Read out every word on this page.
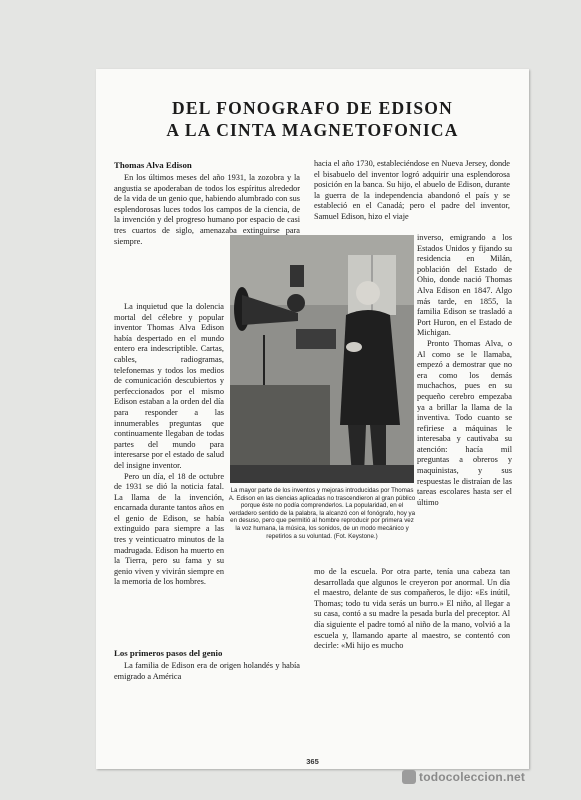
DEL FONOGRAFO DE EDISON
A LA CINTA MAGNETOFONICA
Thomas Alva Edison

En los últimos meses del año 1931, la zozobra y la angustia se apoderaban de todos los espíritus alrededor de la vida de un genio que, habiendo alumbrado con sus esplendorosas luces todos los campos de la ciencia, de la invención y del progreso humano por espacio de casi tres cuartos de siglo, amenazaba extinguirse para siempre.

La inquietud que la dolencia mortal del célebre y popular inventor Thomas Alva Edison había despertado en el mundo entero era indescriptible. Cartas, cables, radiogramas, telefonemas y todos los medios de comunicación descubiertos y perfeccionados por el mismo Edison estaban a la orden del día para responder a las innumerables preguntas que continuamente llegaban de todas partes del mundo para interesarse por el estado de salud del insigne inventor.

Pero un día, el 18 de octubre de 1931 se dió la noticia fatal. La llama de la invención, encarnada durante tantos años en el genio de Edison, se había extinguido para siempre a las tres y veinticuatro minutos de la madrugada. Edison ha muerto en la Tierra, pero su fama y su genio viven y vivirán siempre en la memoria de los hombres.

Los primeros pasos del genio

La familia de Edison era de origen holandés y había emigrado a América

hacia el año 1730, estableciéndose en Nueva Jersey, donde el bisabuelo del inventor logró adquirir una esplendorosa posición en la banca. Su hijo, el abuelo de Edison, durante la guerra de la independencia abandonó el país y se estableció en el Canadá; pero el padre del inventor, Samuel Edison, hizo el viaje

inverso, emigrando a los Estados Unidos y fijando su residencia en Milán, población del Estado de Ohio, donde nació Thomas Alva Edison en 1847. Algo más tarde, en 1855, la familia Edison se trasladó a Port Huron, en el Estado de Michigan.

Pronto Thomas Alva, o Al como se le llamaba, empezó a demostrar que no era como los demás muchachos, pues en su pequeño cerebro empezaba ya a brillar la llama de la inventiva. Todo cuanto se refiriese a máquinas le interesaba y cautivaba su atención: hacía mil preguntas a obreros y maquinistas, y sus respuestas le distraían de las tareas escolares hasta ser el último

mo de la escuela. Por otra parte, tenía una cabeza tan desarrollada que algunos le creyeron por anormal. Un día el maestro, delante de sus compañeros, le dijo: «Es inútil, Thomas; todo tu vida serás un burro.» El niño, al llegar a su casa, contó a su madre la pesada burla del preceptor. Al día siguiente el padre tomó al niño de la mano, volvió a la escuela y, llamando aparte al maestro, se contentó con decirle: «Mi hijo es mucho

La mayor parte de los inventos y mejoras introducidas por Thomas A. Edison en las ciencias aplicadas no trascendieron al gran público porque éste no podía comprenderlos. La popularidad, en el verdadero sentido de la palabra, la alcanzó con el fonógrafo, hoy ya en desuso, pero que permitió al hombre reproducir por primera vez la voz humana, la música, los sonidos, de un modo mecánico y repetirlos a su voluntad. (Fot. Keystone.)
365
todocoleccion.net
